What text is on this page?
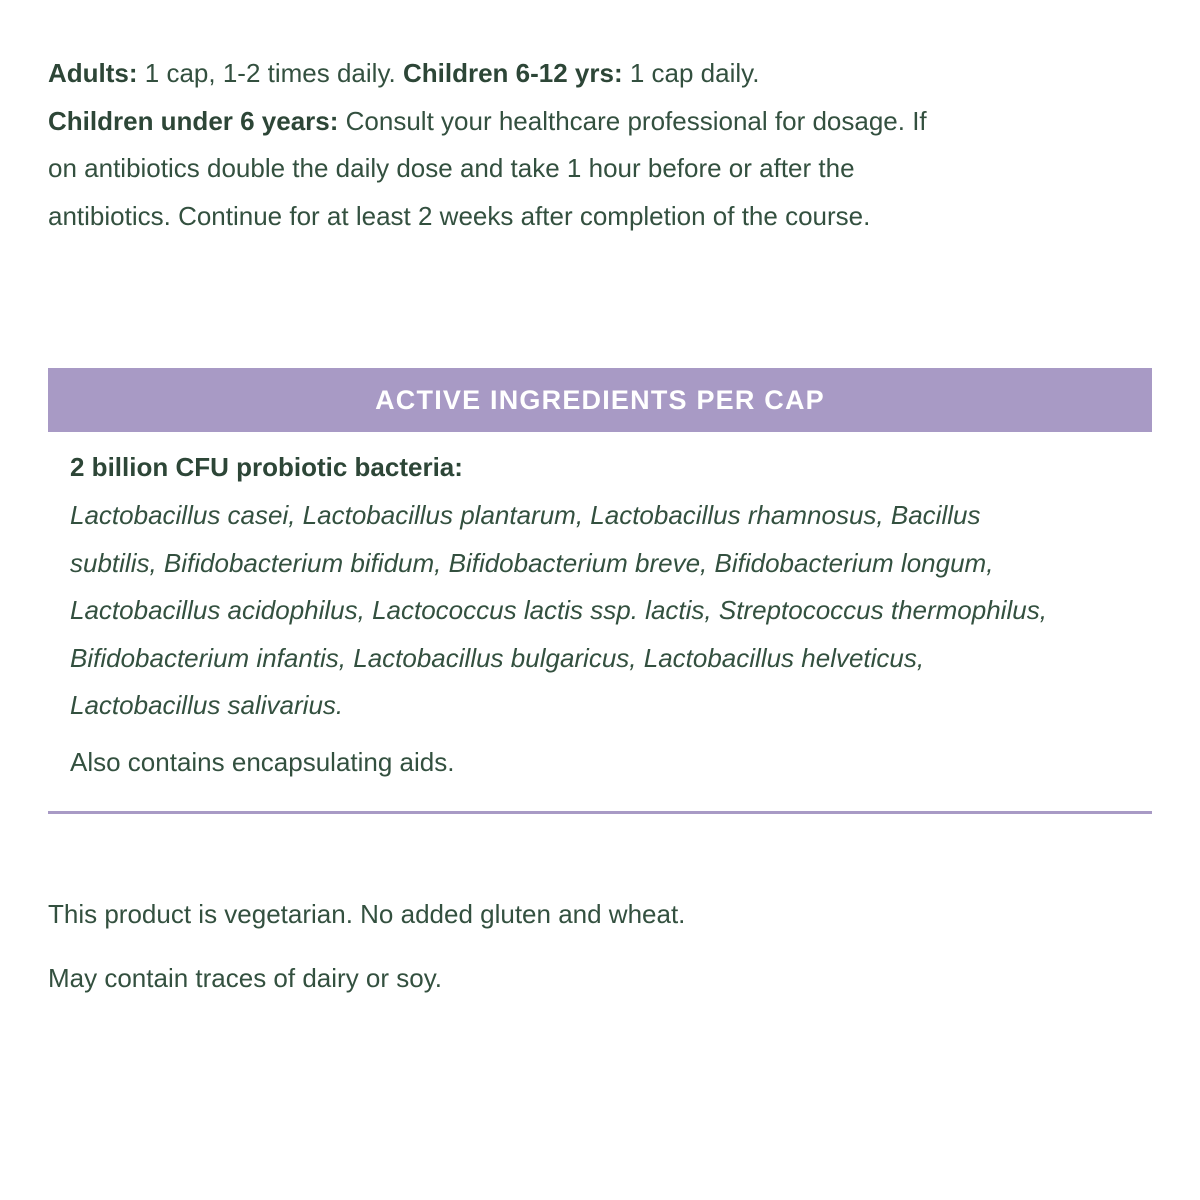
Adults: 1 cap, 1-2 times daily. Children 6-12 yrs: 1 cap daily.
Children under 6 years: Consult your healthcare professional for dosage. If on antibiotics double the daily dose and take 1 hour before or after the antibiotics. Continue for at least 2 weeks after completion of the course.
ACTIVE INGREDIENTS PER CAP
2 billion CFU probiotic bacteria:
Lactobacillus casei, Lactobacillus plantarum, Lactobacillus rhamnosus, Bacillus subtilis, Bifidobacterium bifidum, Bifidobacterium breve, Bifidobacterium longum, Lactobacillus acidophilus, Lactococcus lactis ssp. lactis, Streptococcus thermophilus, Bifidobacterium infantis, Lactobacillus bulgaricus, Lactobacillus helveticus, Lactobacillus salivarius.
Also contains encapsulating aids.

This product is vegetarian. No added gluten and wheat.

May contain traces of dairy or soy.
